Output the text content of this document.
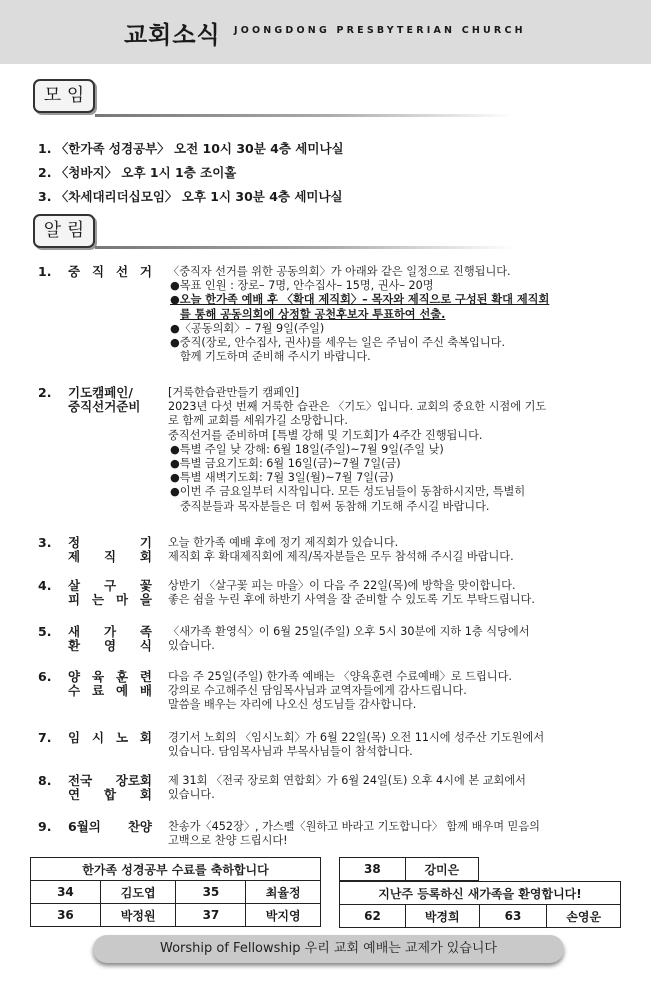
교회소식 JOONGDONG PRESBYTERIAN CHURCH
모 임
1. 〈한가족 성경공부〉 오전 10시 30분 4층 세미나실
2. 〈청바지〉 오후 1시 1층 조이홀
3. 〈차세대리더십모임〉 오후 1시 30분 4층 세미나실
알 림
1. 중 직 선 거 〈중직자 선거를 위한 공동의회〉가 아래와 같은 일정으로 진행됩니다.
●목표 인원 : 장로– 7명, 안수집사– 15명, 권사– 20명
●오늘 한가족 예배 후 〈확대 제직회〉– 목자와 제직으로 구성된 확대 제직회
를 통해 공동의회에 상정할 공천후보자 투표하여 선출.
●〈공동의회〉– 7월 9일(주일)
●중직(장로, 안수집사, 권사)를 세우는 일은 주님이 주신 축복입니다.
함께 기도하며 준비해 주시기 바랍니다.
2. 기도캠페인/
중직선거준비
[거룩한습관만들기 캠페인]
2023년 다섯 번째 거룩한 습관은 〈기도〉입니다. 교회의 중요한 시점에 기도
로 함께 교회를 세워가길 소망합니다.
중직선거를 준비하며 [특별 강해 및 기도회]가 4주간 진행됩니다.
●특별 주일 낮 강해: 6월 18일(주일)~7월 9일(주일 낮)
●특별 금요기도회: 6월 16일(금)~7월 7일(금)
●특별 새벽기도회: 7월 3일(월)~7월 7일(금)
●이번 주 금요일부터 시작입니다. 모든 성도님들이 동참하시지만, 특별히
중직분들과 목자분들은 더 힘써 동참해 기도해 주시길 바랍니다.
3. 정 기
제 직 회
오늘 한가족 예배 후에 정기 제직회가 있습니다.
제직회 후 확대제직회에 제직/목자분들은 모두 참석해 주시길 바랍니다.
4. 살 구 꽃
피 는 마 을
상반기 〈살구꽃 피는 마을〉이 다음 주 22일(목)에 방학을 맞이합니다.
좋은 쉼을 누린 후에 하반기 사역을 잘 준비할 수 있도록 기도 부탁드립니다.
5. 새 가 족
환 영 식
〈새가족 환영식〉이 6월 25일(주일) 오후 5시 30분에 지하 1층 식당에서
있습니다.
6. 양 육 훈 련
수 료 예 배
다음 주 25일(주일) 한가족 예배는 〈양육훈련 수료예배〉로 드립니다.
강의로 수고해주신 담임목사님과 교역자들에게 감사드립니다.
말씀을 배우는 자리에 나오신 성도님들 감사합니다.
7. 임 시 노 회 경기서 노회의 〈임시노회〉가 6월 22일(목) 오전 11시에 성주산 기도원에서
있습니다. 담임목사님과 부목사님들이 참석합니다.
8. 전국 장로회
연 합 회
제 31회 〈전국 장로회 연합회〉가 6월 24일(토) 오후 4시에 본 교회에서
있습니다.
9. 6월의 찬양 찬송가〈452장〉, 가스펠〈원하고 바라고 기도합니다〉 함께 배우며 믿음의
고백으로 찬양 드립시다!
한가족 성경공부 수료를 축하합니다			
34	김도엽	35	최율정
36	박정원	37	박지영
38	강미은
지난주 등록하신 새가족을 환영합니다!
62	박경희	63	손영운
Worship of Fellowship 우리 교회 예배는 교제가 있습니다
